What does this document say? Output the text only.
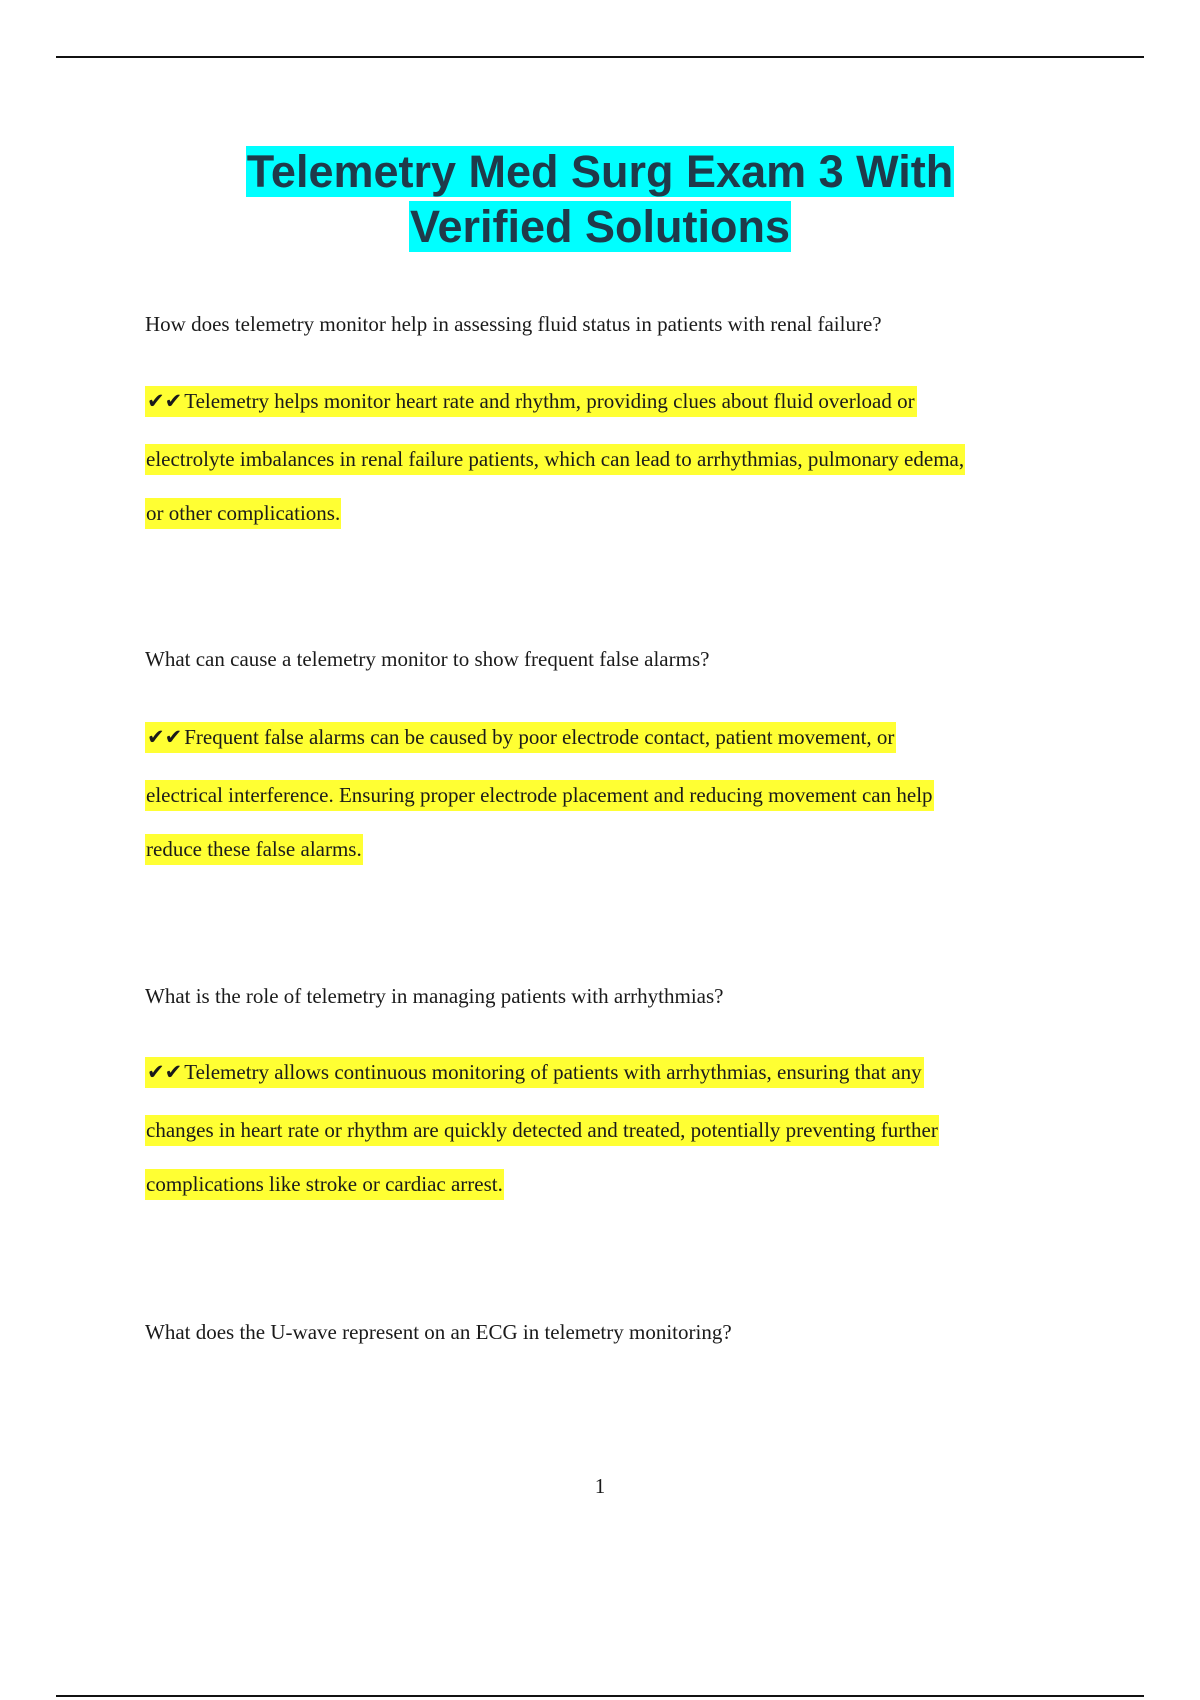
Telemetry Med Surg Exam 3 With
Verified Solutions
How does telemetry monitor help in assessing fluid status in patients with renal failure?
✔✔Telemetry helps monitor heart rate and rhythm, providing clues about fluid overload or
electrolyte imbalances in renal failure patients, which can lead to arrhythmias, pulmonary edema,
or other complications.
What can cause a telemetry monitor to show frequent false alarms?
✔✔Frequent false alarms can be caused by poor electrode contact, patient movement, or
electrical interference. Ensuring proper electrode placement and reducing movement can help
reduce these false alarms.
What is the role of telemetry in managing patients with arrhythmias?
✔✔Telemetry allows continuous monitoring of patients with arrhythmias, ensuring that any
changes in heart rate or rhythm are quickly detected and treated, potentially preventing further
complications like stroke or cardiac arrest.
What does the U-wave represent on an ECG in telemetry monitoring?
1
